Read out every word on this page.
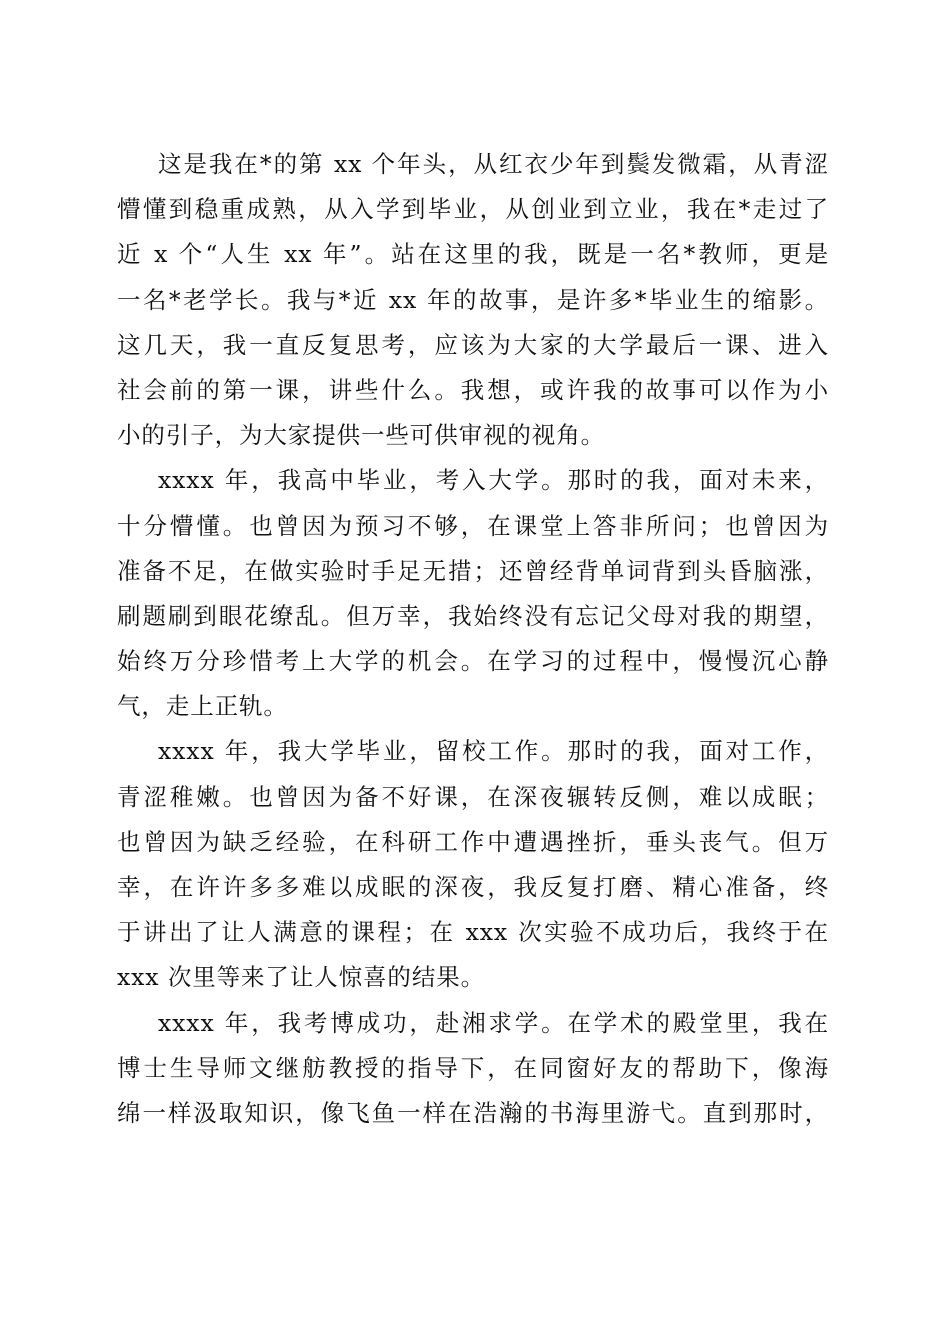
这是我在*的第 xx 个年头，从红衣少年到鬓发微霜，从青涩
懵懂到稳重成熟，从入学到毕业，从创业到立业，我在*走过了
近 x 个“人生 xx 年”。站在这里的我，既是一名*教师，更是
一名*老学长。我与*近 xx 年的故事，是许多*毕业生的缩影。
这几天，我一直反复思考，应该为大家的大学最后一课、进入
社会前的第一课，讲些什么。我想，或许我的故事可以作为小
小的引子，为大家提供一些可供审视的视角。
xxxx 年，我高中毕业，考入大学。那时的我，面对未来，
十分懵懂。也曾因为预习不够，在课堂上答非所问；也曾因为
准备不足，在做实验时手足无措；还曾经背单词背到头昏脑涨，
刷题刷到眼花缭乱。但万幸，我始终没有忘记父母对我的期望，
始终万分珍惜考上大学的机会。在学习的过程中，慢慢沉心静
气，走上正轨。
xxxx 年，我大学毕业，留校工作。那时的我，面对工作，
青涩稚嫩。也曾因为备不好课，在深夜辗转反侧，难以成眠；
也曾因为缺乏经验，在科研工作中遭遇挫折，垂头丧气。但万
幸，在许许多多难以成眠的深夜，我反复打磨、精心准备，终
于讲出了让人满意的课程；在 xxx 次实验不成功后，我终于在
xxx 次里等来了让人惊喜的结果。
xxxx 年，我考博成功，赴湘求学。在学术的殿堂里，我在
博士生导师文继舫教授的指导下，在同窗好友的帮助下，像海
绵一样汲取知识，像飞鱼一样在浩瀚的书海里游弋。直到那时，
